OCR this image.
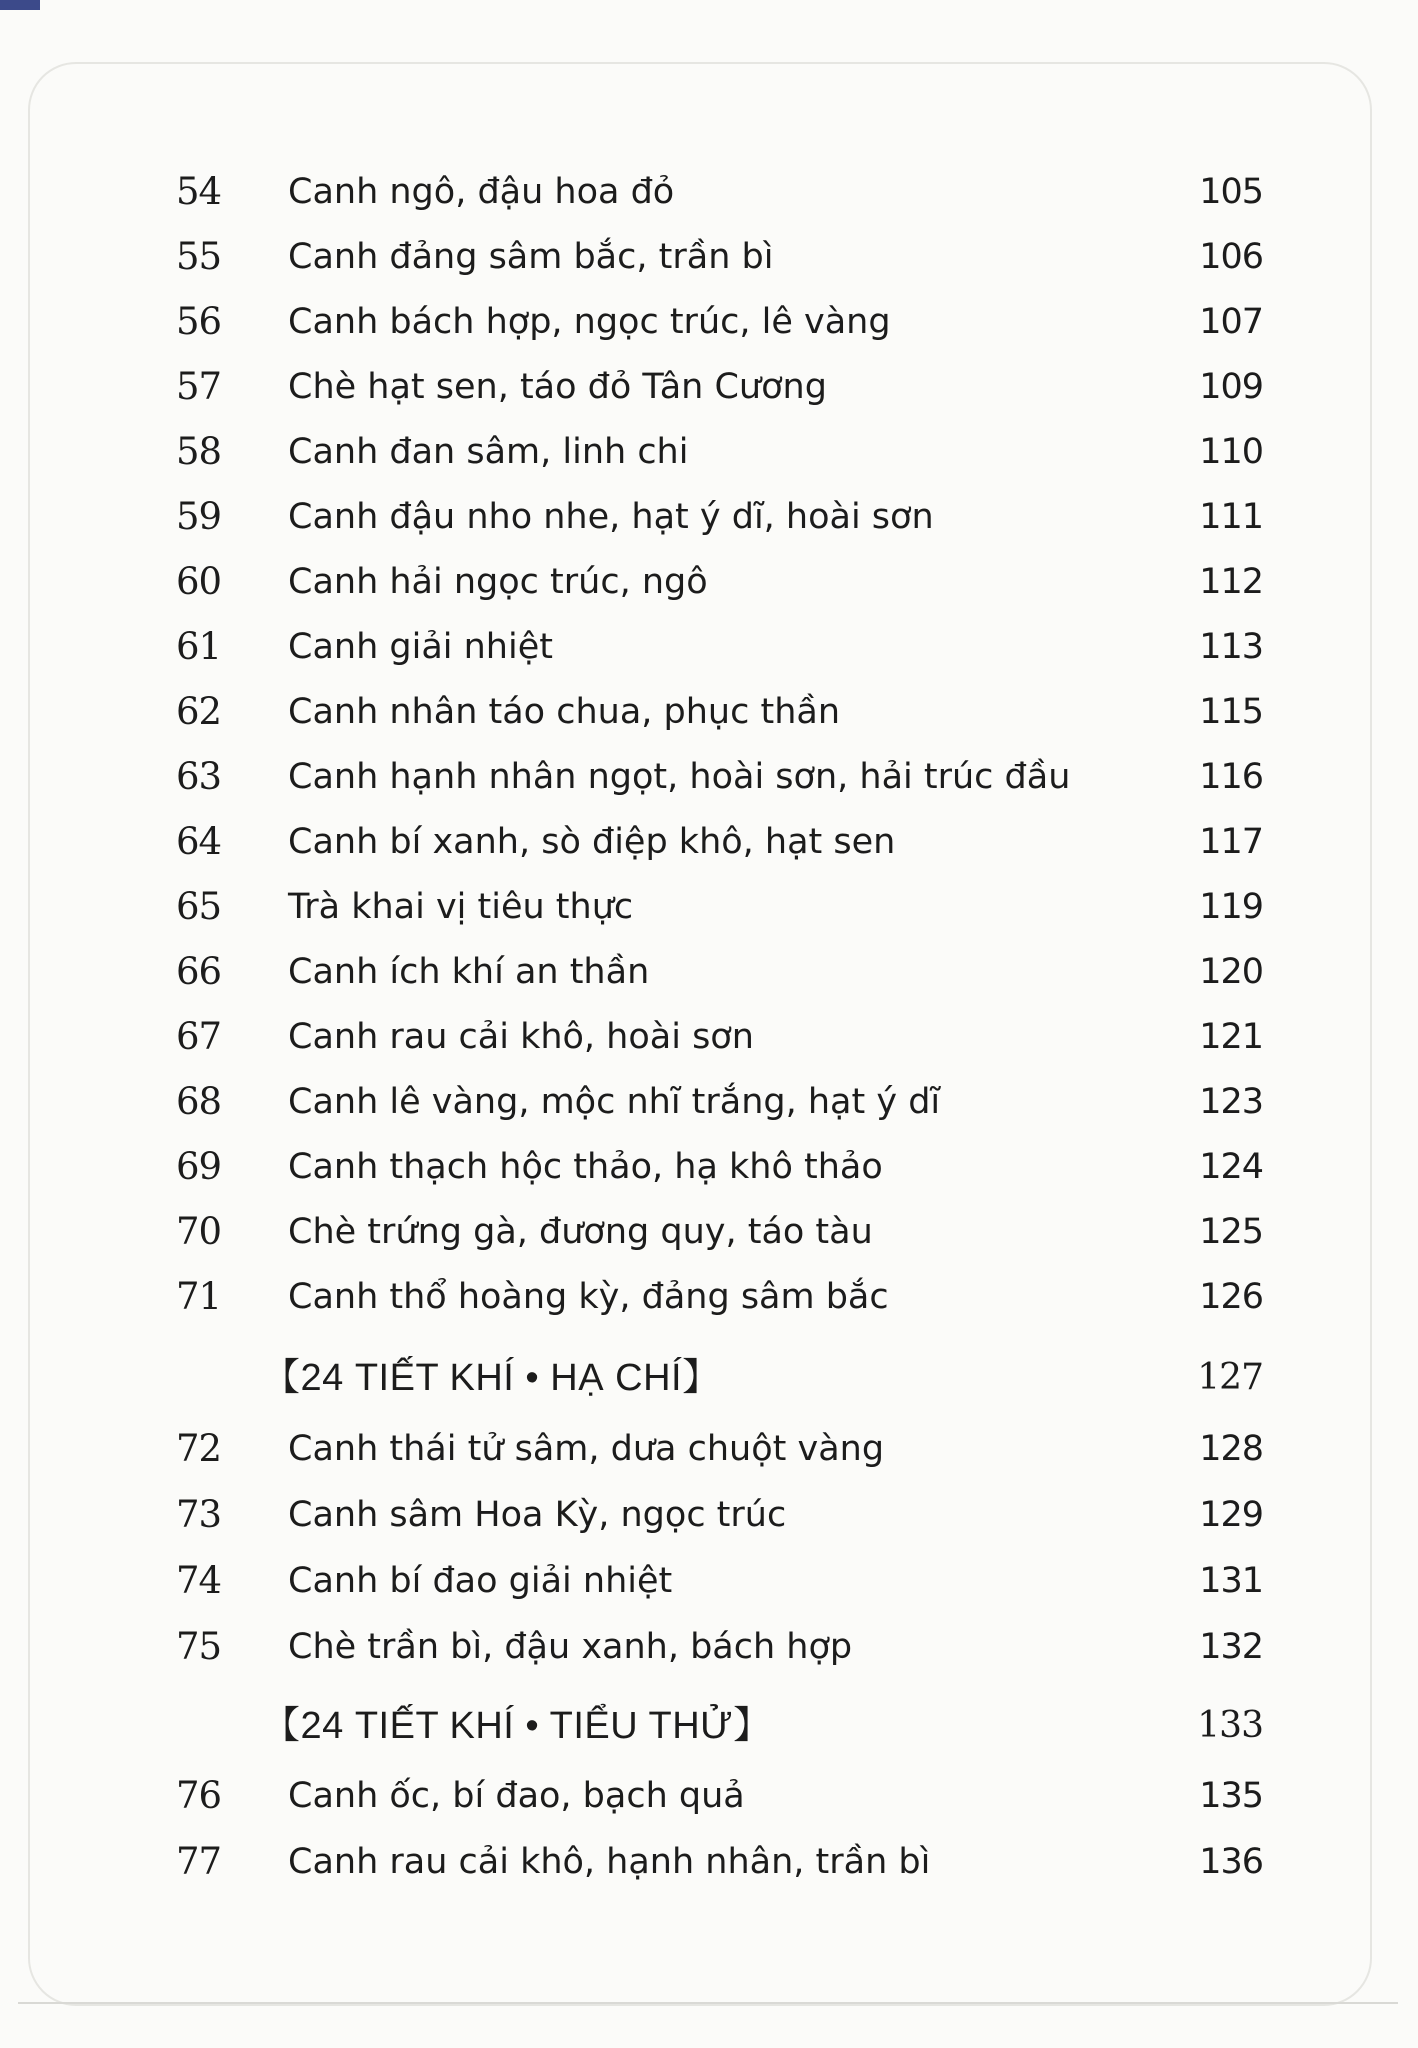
54	Canh ngô, đậu hoa đỏ	105
55	Canh đảng sâm bắc, trần bì	106
56	Canh bách hợp, ngọc trúc, lê vàng	107
57	Chè hạt sen, táo đỏ Tân Cương	109
58	Canh đan sâm, linh chi	110
59	Canh đậu nho nhe, hạt ý dĩ, hoài sơn	111
60	Canh hải ngọc trúc, ngô	112
61	Canh giải nhiệt	113
62	Canh nhân táo chua, phục thần	115
63	Canh hạnh nhân ngọt, hoài sơn, hải trúc đầu	116
64	Canh bí xanh, sò điệp khô, hạt sen	117
65	Trà khai vị tiêu thực	119
66	Canh ích khí an thần	120
67	Canh rau cải khô, hoài sơn	121
68	Canh lê vàng, mộc nhĩ trắng, hạt ý dĩ	123
69	Canh thạch hộc thảo, hạ khô thảo	124
70	Chè trứng gà, đương quy, táo tàu	125
71	Canh thổ hoàng kỳ, đảng sâm bắc	126
【24 TIẾT KHÍ • HẠ CHÍ】	127
72	Canh thái tử sâm, dưa chuột vàng	128
73	Canh sâm Hoa Kỳ, ngọc trúc	129
74	Canh bí đao giải nhiệt	131
75	Chè trần bì, đậu xanh, bách hợp	132
【24 TIẾT KHÍ • TIỂU THỬ】	133
76	Canh ốc, bí đao, bạch quả	135
77	Canh rau cải khô, hạnh nhân, trần bì	136
